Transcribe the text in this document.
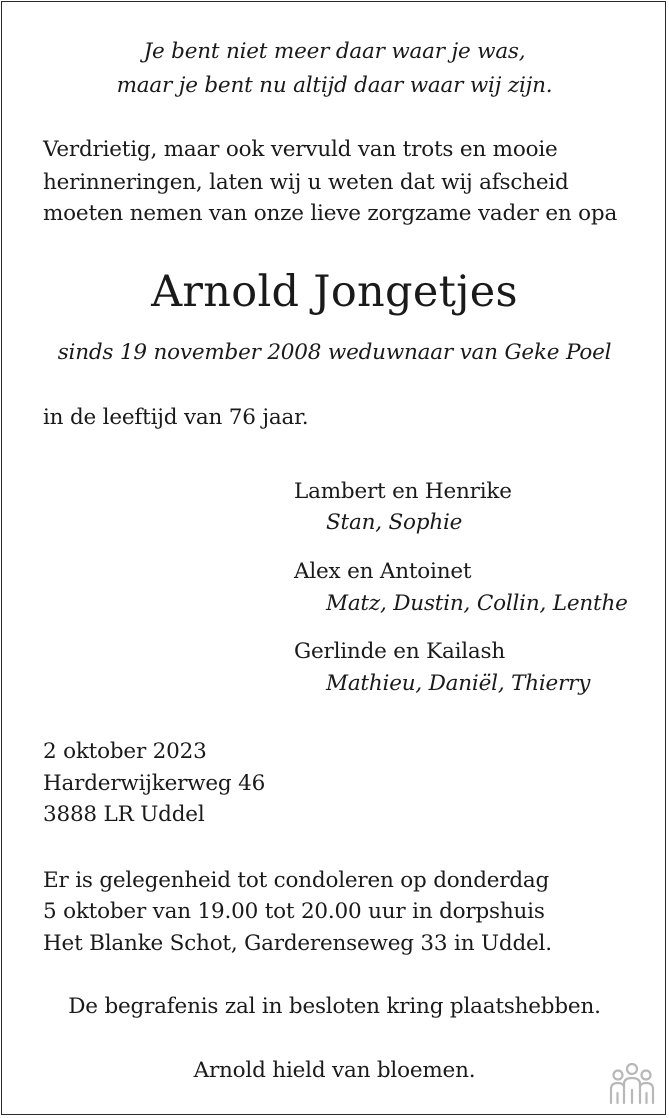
Je bent niet meer daar waar je was,
maar je bent nu altijd daar waar wij zijn.
Verdrietig, maar ook vervuld van trots en mooie
herinneringen, laten wij u weten dat wij afscheid
moeten nemen van onze lieve zorgzame vader en opa
Arnold Jongetjes
sinds 19 november 2008 weduwnaar van Geke Poel
in de leeftijd van 76 jaar.
Lambert en Henrike
Stan, Sophie
Alex en Antoinet
Matz, Dustin, Collin, Lenthe
Gerlinde en Kailash
Mathieu, Daniël, Thierry
2 oktober 2023
Harderwijkerweg 46
3888 LR Uddel
Er is gelegenheid tot condoleren op donderdag
5 oktober van 19.00 tot 20.00 uur in dorpshuis
Het Blanke Schot, Garderenseweg 33 in Uddel.
De begrafenis zal in besloten kring plaatshebben.
Arnold hield van bloemen.
